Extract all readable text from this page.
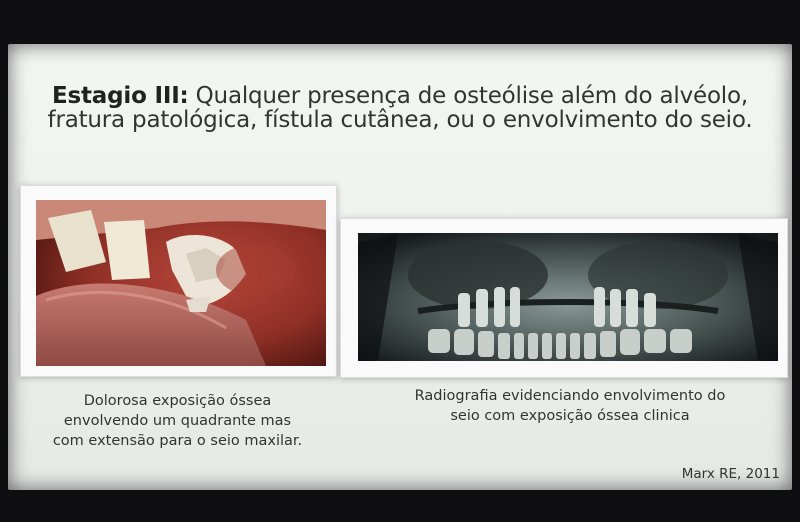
Estagio III: Qualquer presença de osteólise além do alvéolo,
fratura patológica, fístula cutânea, ou o envolvimento do seio.
Dolorosa exposição óssea
envolvendo um quadrante mas
com extensão para o seio maxilar.
Radiografia evidenciando envolvimento do
seio com exposição óssea clinica
Marx RE, 2011
